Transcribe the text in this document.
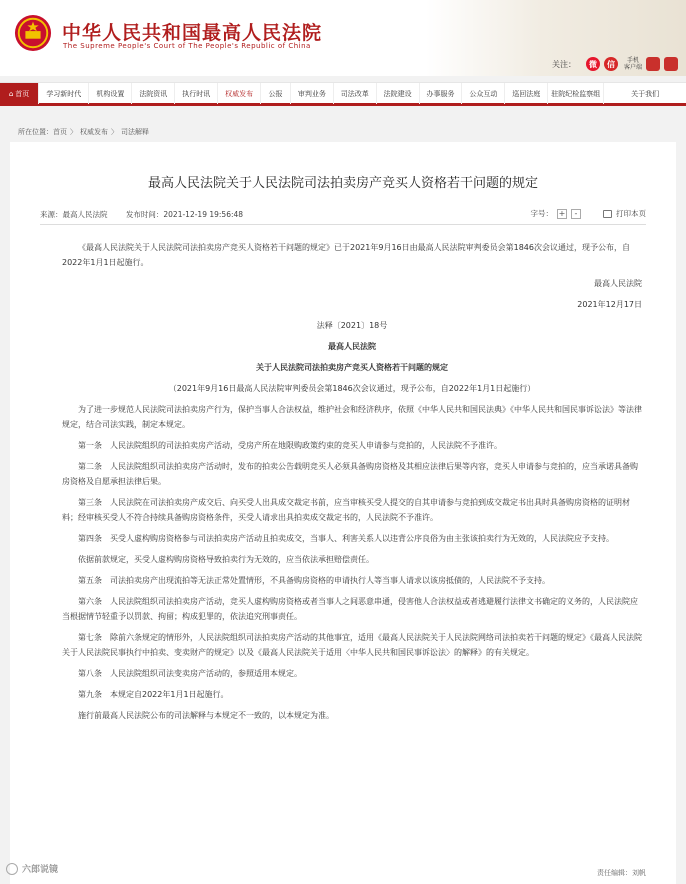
中华人民共和国最高人民法院
The Supreme People's Court of The People's Republic of China
关注：	微	信	手机
客户端
⌂ 首页	学习新时代	机构设置	法院资讯	执行时讯	权威发布	公报	审判业务	司法改革	法院建设	办事服务	公众互动	巡回法庭	驻院纪检监察组	关于我们
所在位置：首页 〉 权威发布 〉 司法解释
最高人民法院关于人民法院司法拍卖房产竞买人资格若干问题的规定
来源：最高人民法院 发布时间：2021-12-19 19:56:48	字号： +	-	打印本页

《最高人民法院关于人民法院司法拍卖房产竞买人资格若干问题的规定》已于2021年9月16日由最高人民法院审判委员会第1846次会议通过，现予公布，自2022年1月1日起施行。

最高人民法院

2021年12月17日

法释〔2021〕18号

最高人民法院

关于人民法院司法拍卖房产竞买人资格若干问题的规定

（2021年9月16日最高人民法院审判委员会第1846次会议通过，现予公布，自2022年1月1日起施行）

为了进一步规范人民法院司法拍卖房产行为，保护当事人合法权益，维护社会和经济秩序，依照《中华人民共和国民法典》《中华人民共和国民事诉讼法》等法律规定，结合司法实践，制定本规定。

第一条　人民法院组织的司法拍卖房产活动，受房产所在地限购政策约束的竞买人申请参与竞拍的，人民法院不予准许。

第二条　人民法院组织司法拍卖房产活动时，发布的拍卖公告载明竞买人必须具备购房资格及其相应法律后果等内容，竞买人申请参与竞拍的，应当承诺具备购房资格及自愿承担法律后果。

第三条　人民法院在司法拍卖房产成交后、向买受人出具成交裁定书前，应当审核买受人提交的自其申请参与竞拍到成交裁定书出具时具备购房资格的证明材料；经审核买受人不符合持续具备购房资格条件，买受人请求出具拍卖成交裁定书的，人民法院不予准许。

第四条　买受人虚构购房资格参与司法拍卖房产活动且拍卖成交，当事人、利害关系人以违背公序良俗为由主张该拍卖行为无效的，人民法院应予支持。

依据前款规定，买受人虚构购房资格导致拍卖行为无效的，应当依法承担赔偿责任。

第五条　司法拍卖房产出现流拍等无法正常处置情形，不具备购房资格的申请执行人等当事人请求以该房抵债的，人民法院不予支持。

第六条　人民法院组织司法拍卖房产活动，竞买人虚构购房资格或者当事人之间恶意串通，侵害他人合法权益或者逃避履行法律文书确定的义务的，人民法院应当根据情节轻重予以罚款、拘留；构成犯罪的，依法追究刑事责任。

第七条　除前六条规定的情形外，人民法院组织司法拍卖房产活动的其他事宜，适用《最高人民法院关于人民法院网络司法拍卖若干问题的规定》《最高人民法院关于人民法院民事执行中拍卖、变卖财产的规定》以及《最高人民法院关于适用〈中华人民共和国民事诉讼法〉的解释》的有关规定。

第八条　人民法院组织司法变卖房产活动的，参照适用本规定。

第九条　本规定自2022年1月1日起施行。

施行前最高人民法院公布的司法解释与本规定不一致的，以本规定为准。

责任编辑：刘帆
六郎说镜
